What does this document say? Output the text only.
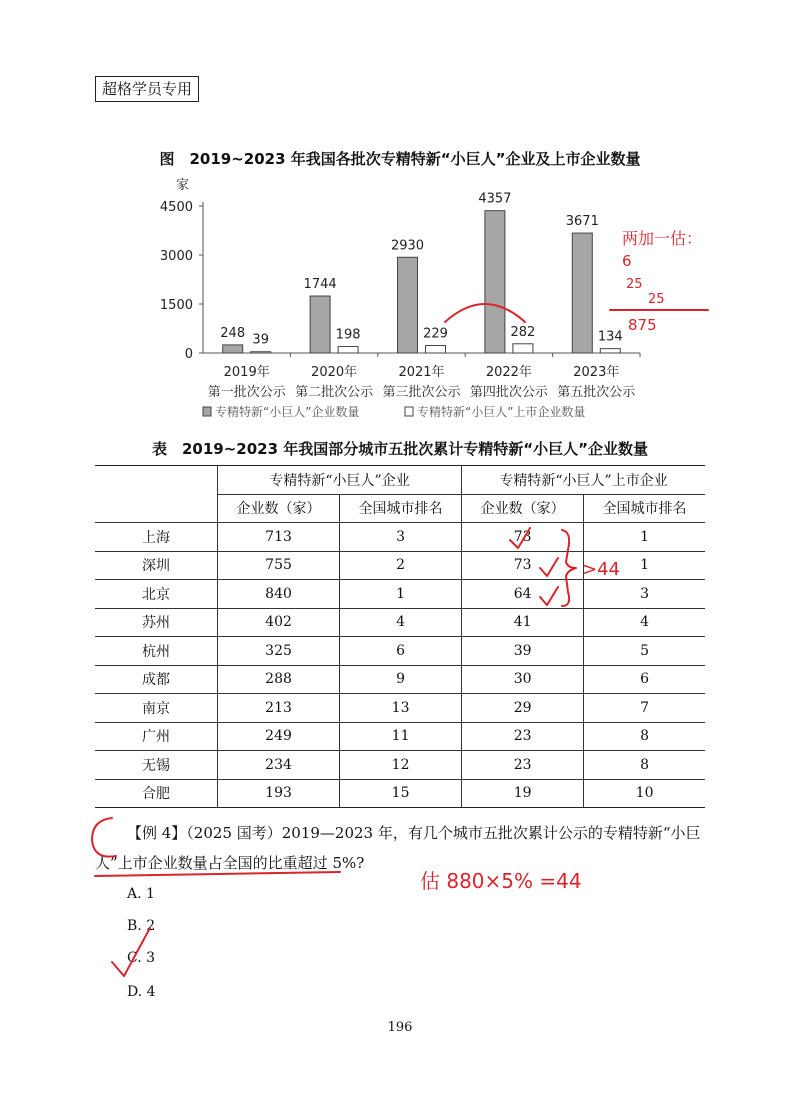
超格学员专用
图　2019~2023 年我国各批次专精特新“小巨人”企业及上市企业数量
家
4500
3000
1500
0
2019年
第一批次公示
2020年
第二批次公示
2021年
第三批次公示
2022年
第四批次公示
2023年
第五批次公示
248 39
1744
198
2930
229
4357
282
3671
134
专精特新“小巨人”企业数量	专精特新“小巨人”上市企业数量
表　2019~2023 年我国部分城市五批次累计专精特新“小巨人”企业数量
	专精特新“小巨人”企业		专精特新“小巨人”上市企业	
	企业数（家）	全国城市排名	企业数（家）	全国城市排名
上海	713	3	73	1
深圳	755	2	73	1
北京	840	1	64	3
苏州	402	4	41	4
杭州	325	6	39	5
成都	288	9	30	6
南京	213	13	29	7
广州	249	11	23	8
无锡	234	12	23	8
合肥	193	15	19	10
【例 4】（2025 国考）2019—2023 年，有几个城市五批次累计公示的专精特新“小巨人”上市企业数量占全国的比重超过 5%?
A. 1
B. 2
C. 3
D. 4
196
两加一估：
6
25
25
875
>44
估 880×5% =44
